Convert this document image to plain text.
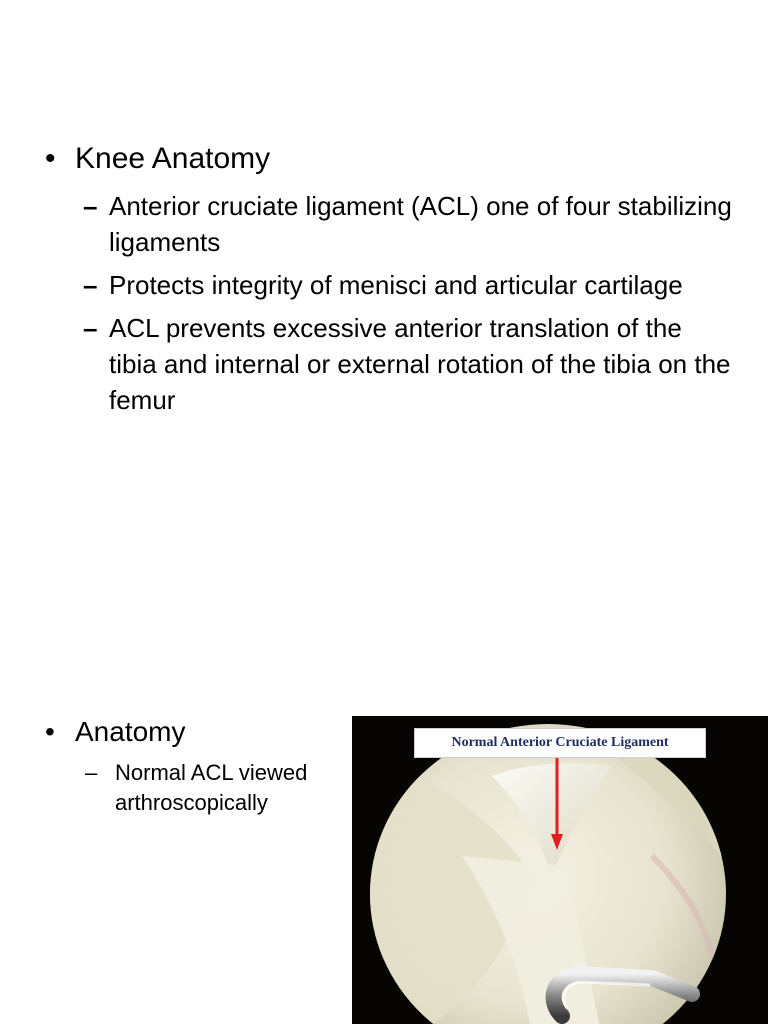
• Knee Anatomy
– Anterior cruciate ligament (ACL) one of four stabilizing ligaments
– Protects integrity of menisci and articular cartilage
– ACL prevents excessive anterior translation of the tibia and internal or external rotation of the tibia on the femur
• Anatomy
– Normal ACL viewed arthroscopically
Normal Anterior Cruciate Ligament
